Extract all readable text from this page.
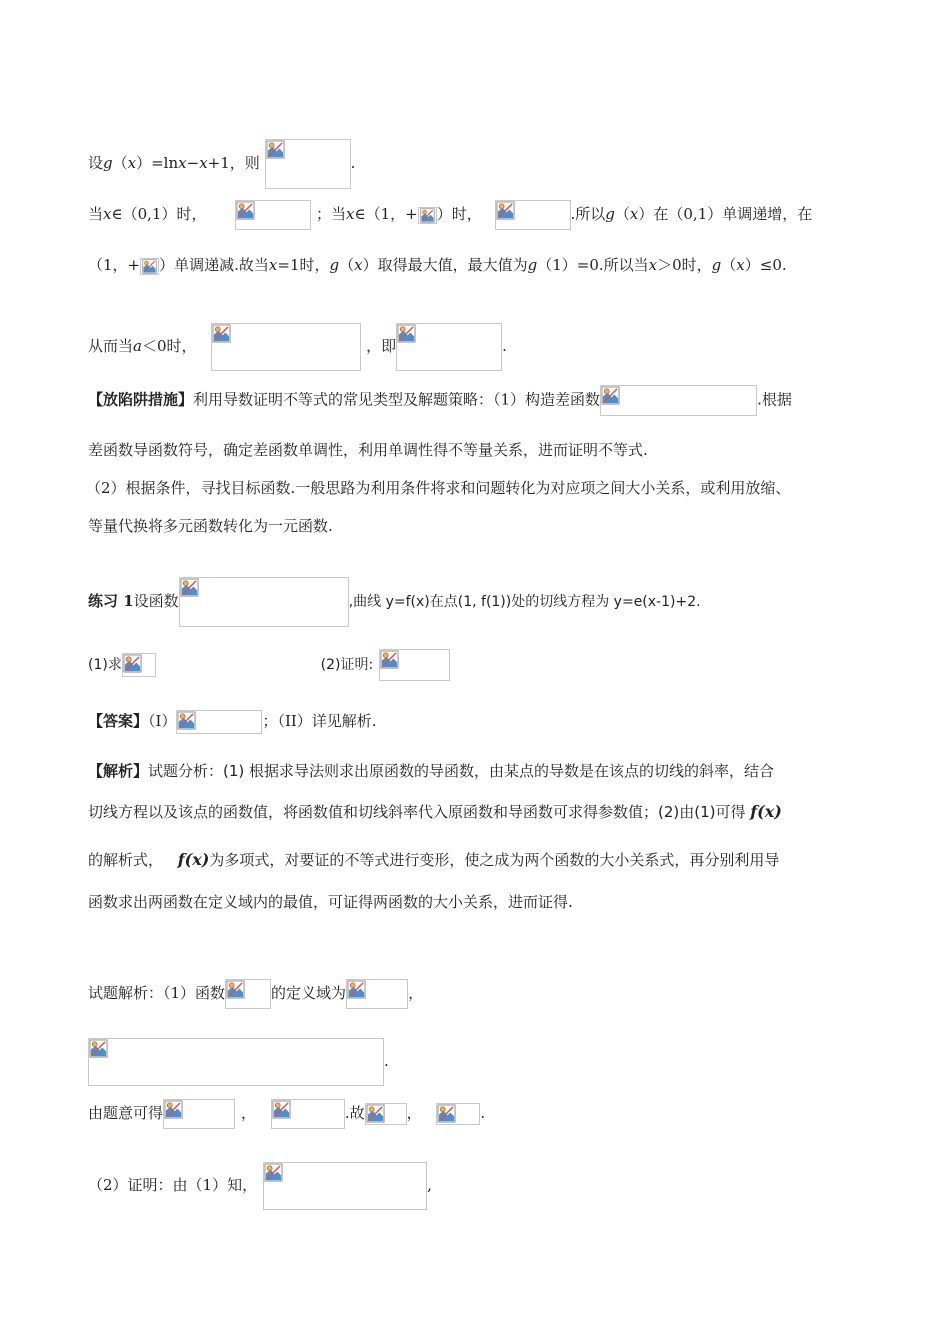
设g（x）=lnx−x+1，则	.
当x∈（0,1）时，	；当x∈（1，+ ）时，	.所以g（x）在（0,1）单调递增，在
（1，+ ）单调递减.故当x=1时，g（x）取得最大值，最大值为g（1）=0.所以当x＞0时，g（x）≤0.
从而当a＜0时，	，即	.
【放陷阱措施】利用导数证明不等式的常见类型及解题策略：（1）构造差函数	.根据
差函数导函数符号，确定差函数单调性，利用单调性得不等量关系，进而证明不等式.
（2）根据条件，寻找目标函数.一般思路为利用条件将求和问题转化为对应项之间大小关系，或利用放缩、
等量代换将多元函数转化为一元函数.
练习 1设函数	,曲线 y=f(x)在点(1, f(1))处的切线方程为 y=e(x-1)+2.
(1)求	(2)证明:
【答案】（I）	；（II）详见解析.
【解析】试题分析：(1) 根据求导法则求出原函数的导函数，由某点的导数是在该点的切线的斜率，结合
切线方程以及该点的函数值，将函数值和切线斜率代入原函数和导函数可求得参数值；(2)由(1)可得 f(x)
的解析式， f(x)为多项式，对要证的不等式进行变形，使之成为两个函数的大小关系式，再分别利用导
函数求出两函数在定义域内的最值，可证得两函数的大小关系，进而证得.
试题解析：（1）函数	的定义域为	，
.
由题意可得	，	.故	，	.
（2）证明：由（1）知，	,
